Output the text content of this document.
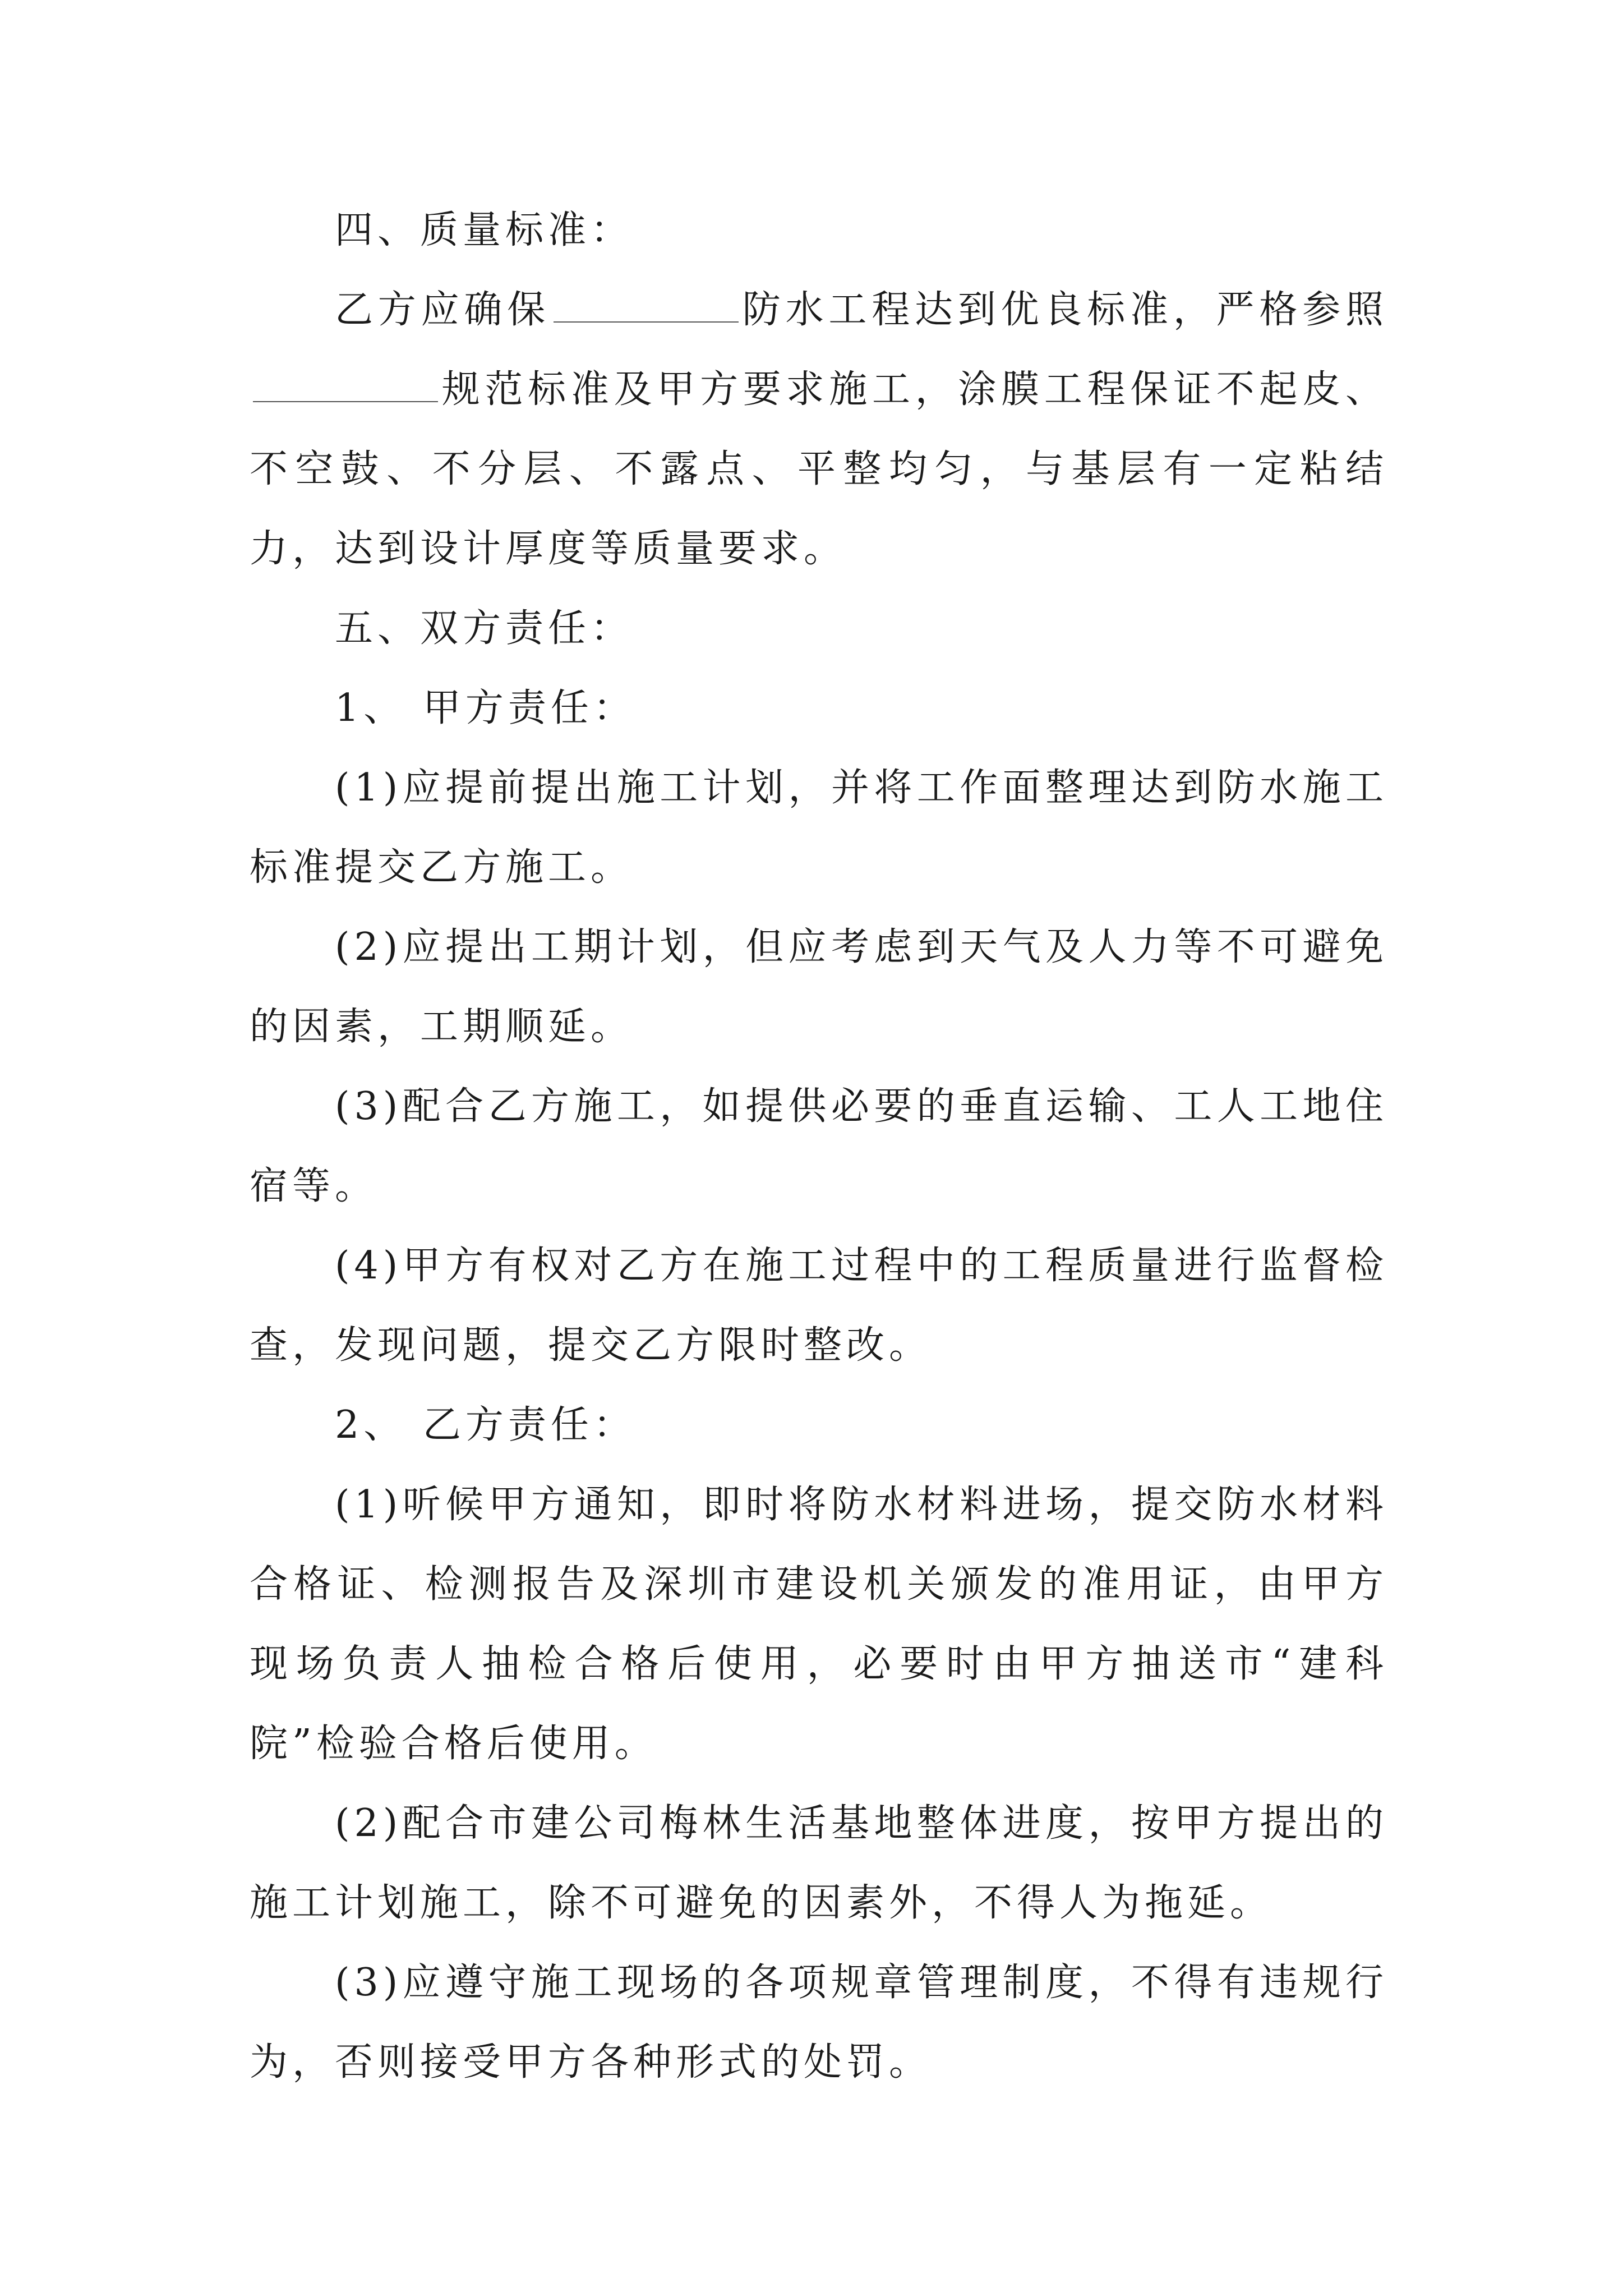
四、质量标准：

乙方应确保	防水工程达到优良标准，严格参照规范标准及甲方要求施工，涂膜工程保证不起皮、不空鼓、不分层、不露点、平整均匀，与基层有一定粘结力，达到设计厚度等质量要求。

五、双方责任：

1、 甲方责任：

(1)应提前提出施工计划，并将工作面整理达到防水施工标准提交乙方施工。

(2)应提出工期计划，但应考虑到天气及人力等不可避免的因素，工期顺延。

(3)配合乙方施工，如提供必要的垂直运输、工人工地住宿等。

(4)甲方有权对乙方在施工过程中的工程质量进行监督检查，发现问题，提交乙方限时整改。

2、 乙方责任：

(1)听候甲方通知，即时将防水材料进场，提交防水材料合格证、检测报告及深圳市建设机关颁发的准用证，由甲方现场负责人抽检合格后使用，必要时由甲方抽送市“建科院”检验合格后使用。

(2)配合市建公司梅林生活基地整体进度，按甲方提出的施工计划施工，除不可避免的因素外，不得人为拖延。

(3)应遵守施工现场的各项规章管理制度，不得有违规行为，否则接受甲方各种形式的处罚。
